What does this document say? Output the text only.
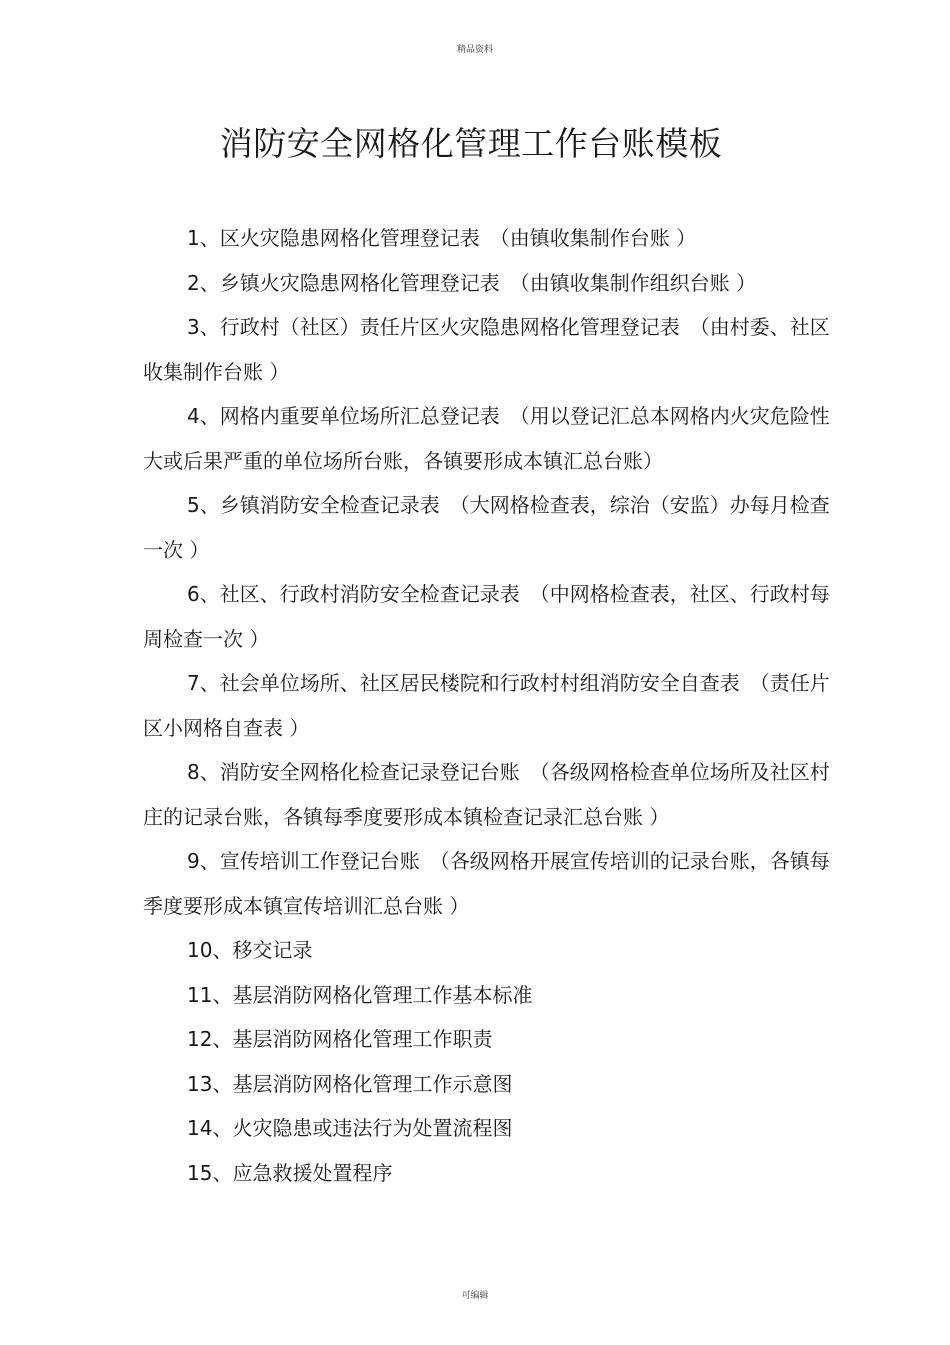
精品资料
消防安全网格化管理工作台账模板
1、区火灾隐患网格化管理登记表　（由镇收集制作台账 ）
2、乡镇火灾隐患网格化管理登记表　（由镇收集制作组织台账 ）
3、行政村（社区）责任片区火灾隐患网格化管理登记表　（由村委、社区收集制作台账 ）
4、网格内重要单位场所汇总登记表　（用以登记汇总本网格内火灾危险性大或后果严重的单位场所台账，各镇要形成本镇汇总台账）
5、乡镇消防安全检查记录表　（大网格检查表，综治（安监）办每月检查一次 ）
6、社区、行政村消防安全检查记录表　（中网格检查表，社区、行政村每周检查一次 ）
7、社会单位场所、社区居民楼院和行政村村组消防安全自查表　（责任片区小网格自查表 ）
8、消防安全网格化检查记录登记台账　（各级网格检查单位场所及社区村庄的记录台账，各镇每季度要形成本镇检查记录汇总台账 ）
9、宣传培训工作登记台账　（各级网格开展宣传培训的记录台账，各镇每季度要形成本镇宣传培训汇总台账 ）
10、移交记录
11、基层消防网格化管理工作基本标准
12、基层消防网格化管理工作职责
13、基层消防网格化管理工作示意图
14、火灾隐患或违法行为处置流程图
15、应急救援处置程序
可编辑
